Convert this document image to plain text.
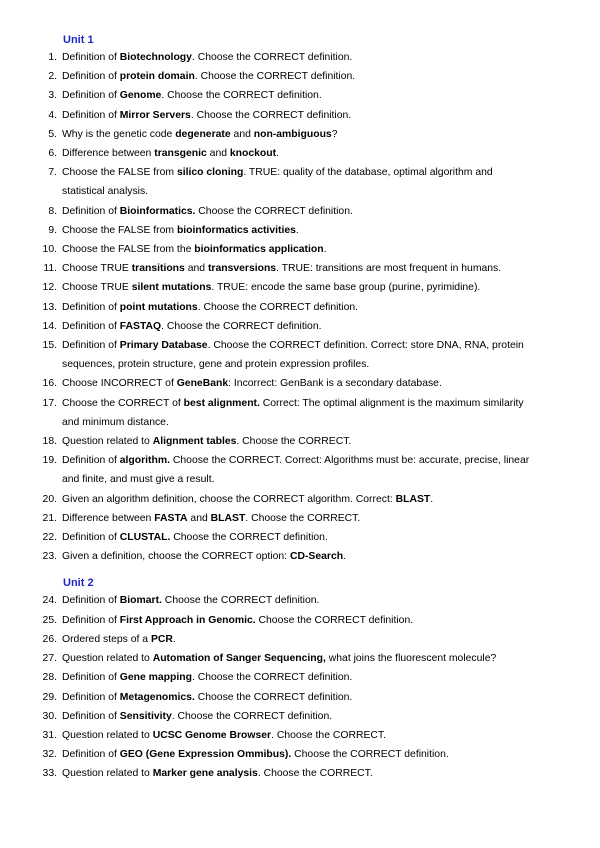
Unit 1
1. Definition of Biotechnology. Choose the CORRECT definition.
2. Definition of protein domain. Choose the CORRECT definition.
3. Definition of Genome. Choose the CORRECT definition.
4. Definition of Mirror Servers. Choose the CORRECT definition.
5. Why is the genetic code degenerate and non-ambiguous?
6. Difference between transgenic and knockout.
7. Choose the FALSE from silico cloning. TRUE: quality of the database, optimal algorithm and statistical analysis.
8. Definition of Bioinformatics. Choose the CORRECT definition.
9. Choose the FALSE from bioinformatics activities.
10. Choose the FALSE from the bioinformatics application.
11. Choose TRUE transitions and transversions. TRUE: transitions are most frequent in humans.
12. Choose TRUE silent mutations. TRUE: encode the same base group (purine, pyrimidine).
13. Definition of point mutations. Choose the CORRECT definition.
14. Definition of FASTAQ. Choose the CORRECT definition.
15. Definition of Primary Database. Choose the CORRECT definition. Correct: store DNA, RNA, protein sequences, protein structure, gene and protein expression profiles.
16. Choose INCORRECT of GeneBank: Incorrect: GenBank is a secondary database.
17. Choose the CORRECT of best alignment. Correct: The optimal alignment is the maximum similarity and minimum distance.
18. Question related to Alignment tables. Choose the CORRECT.
19. Definition of algorithm. Choose the CORRECT. Correct: Algorithms must be: accurate, precise, linear and finite, and must give a result.
20. Given an algorithm definition, choose the CORRECT algorithm. Correct: BLAST.
21. Difference between FASTA and BLAST. Choose the CORRECT.
22. Definition of CLUSTAL. Choose the CORRECT definition.
23. Given a definition, choose the CORRECT option: CD-Search.
Unit 2
24. Definition of Biomart. Choose the CORRECT definition.
25. Definition of First Approach in Genomic. Choose the CORRECT definition.
26. Ordered steps of a PCR.
27. Question related to Automation of Sanger Sequencing, what joins the fluorescent molecule?
28. Definition of Gene mapping. Choose the CORRECT definition.
29. Definition of Metagenomics. Choose the CORRECT definition.
30. Definition of Sensitivity. Choose the CORRECT definition.
31. Question related to UCSC Genome Browser. Choose the CORRECT.
32. Definition of GEO (Gene Expression Ommibus). Choose the CORRECT definition.
33. Question related to Marker gene analysis. Choose the CORRECT.
